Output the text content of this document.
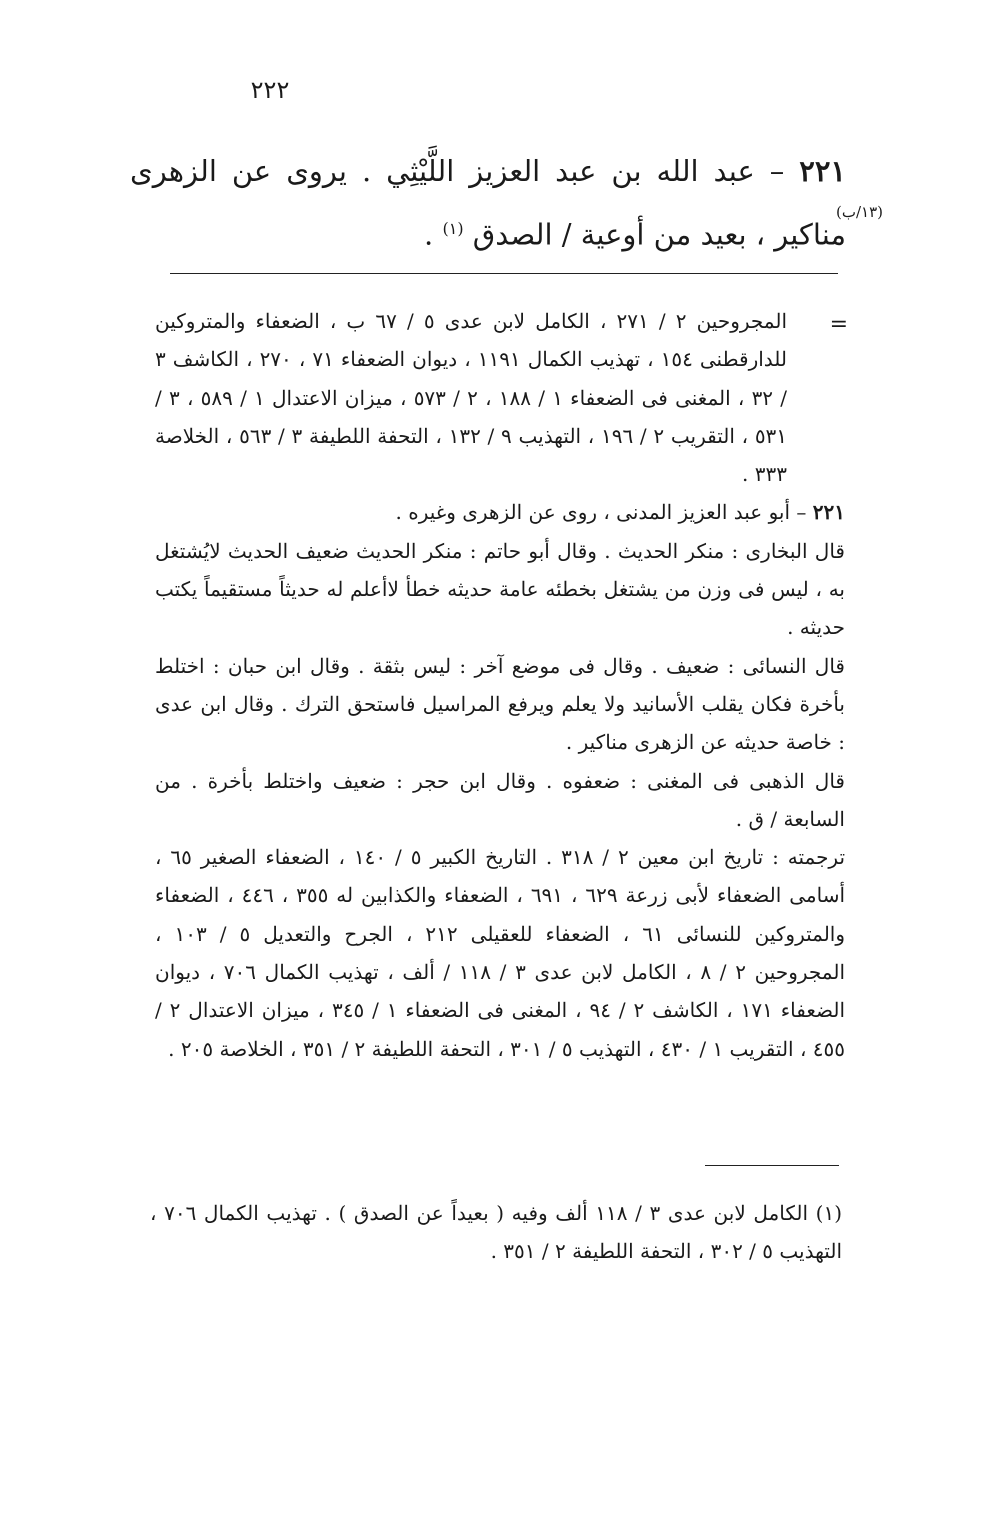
٢٢٢
٢٢١ – عبد الله بن عبد العزيز اللَّيْثِي . يروى عن الزهرى مناكير ، بعيد من أوعية / الصدق $^{(١)}$ .
(١٣/ب)
=

المجروحين ٢ / ٢٧١ ، الكامل لابن عدى ٥ / ٦٧ ب ، الضعفاء والمتروكين للدارقطنى ١٥٤ ، تهذيب الكمال ١١٩١ ، ديوان الضعفاء ٧١ ، ٢٧٠ ، الكاشف ٣ / ٣٢ ، المغنى فى الضعفاء ١ / ١٨٨ ، ٢ / ٥٧٣ ، ميزان الاعتدال ١ / ٥٨٩ ، ٣ / ٥٣١ ، التقريب ٢ / ١٩٦ ، التهذيب ٩ / ١٣٢ ، التحفة اللطيفة ٣ / ٥٦٣ ، الخلاصة ٣٣٣ .

٢٢١ – أبو عبد العزيز المدنى ، روى عن الزهرى وغيره .

قال البخارى : منكر الحديث . وقال أبو حاتم : منكر الحديث ضعيف الحديث لايُشتغل به ، ليس فى وزن من يشتغل بخطئه عامة حديثه خطأ لاأعلم له حديثاً مستقيماً يكتب حديثه .

قال النسائى : ضعيف . وقال فى موضع آخر : ليس بثقة . وقال ابن حبان : اختلط بأخرة فكان يقلب الأسانيد ولا يعلم ويرفع المراسيل فاستحق الترك . وقال ابن عدى : خاصة حديثه عن الزهرى مناكير .

قال الذهبى فى المغنى : ضعفوه . وقال ابن حجر : ضعيف واختلط بأخرة . من السابعة / ق .

ترجمته : تاريخ ابن معين ٢ / ٣١٨ . التاريخ الكبير ٥ / ١٤٠ ، الضعفاء الصغير ٦٥ ، أسامى الضعفاء لأبى زرعة ٦٢٩ ، ٦٩١ ، الضعفاء والكذابين له ٣٥٥ ، ٤٤٦ ، الضعفاء والمتروكين للنسائى ٦١ ، الضعفاء للعقيلى ٢١٢ ، الجرح والتعديل ٥ / ١٠٣ ، المجروحين ٢ / ٨ ، الكامل لابن عدى ٣ / ١١٨ / ألف ، تهذيب الكمال ٧٠٦ ، ديوان الضعفاء ١٧١ ، الكاشف ٢ / ٩٤ ، المغنى فى الضعفاء ١ / ٣٤٥ ، ميزان الاعتدال ٢ / ٤٥٥ ، التقريب ١ / ٤٣٠ ، التهذيب ٥ / ٣٠١ ، التحفة اللطيفة ٢ / ٣٥١ ، الخلاصة ٢٠٥ .

(١) الكامل لابن عدى ٣ / ١١٨ ألف وفيه ( بعيداً عن الصدق ) . تهذيب الكمال ٧٠٦ ، التهذيب ٥ / ٣٠٢ ، التحفة اللطيفة ٢ / ٣٥١ .
